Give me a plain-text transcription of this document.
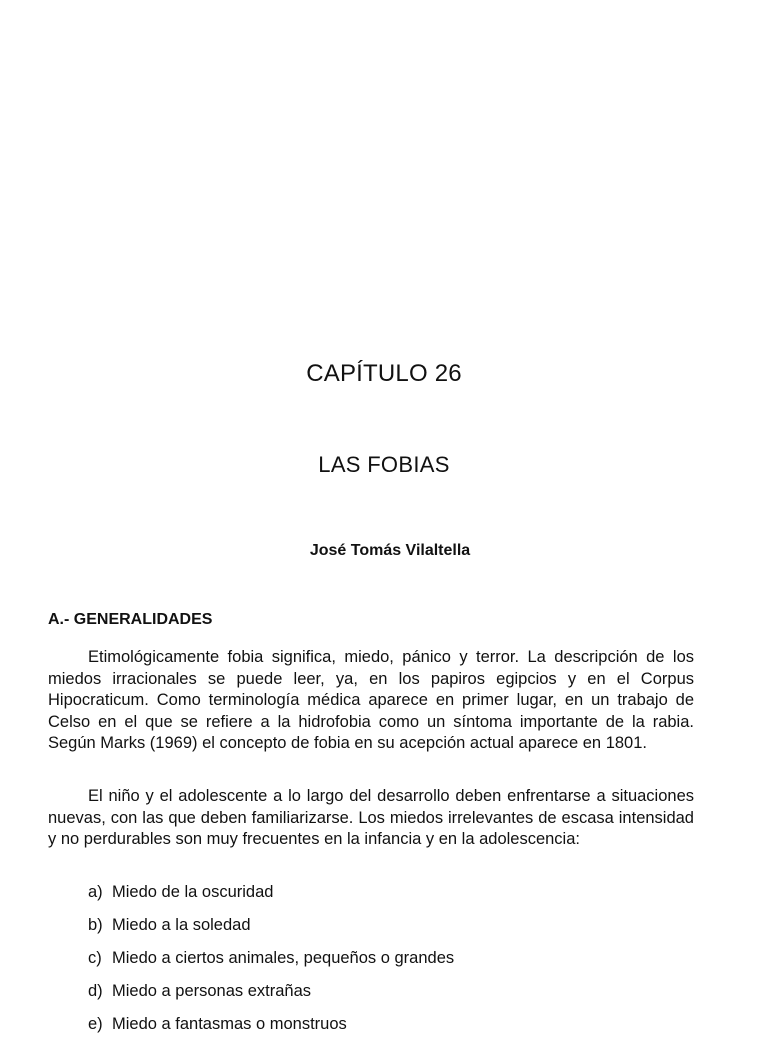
CAPÍTULO 26
LAS FOBIAS
José Tomás Vilaltella
A.- GENERALIDADES

Etimológicamente fobia significa, miedo, pánico y terror. La descripción de los miedos irracionales se puede leer, ya, en los papiros egipcios y en el Corpus Hipocraticum. Como terminología médica aparece en primer lugar, en un trabajo de Celso en el que se refiere a la hidrofobia como un síntoma importante de la rabia. Según Marks (1969) el concepto de fobia en su acepción actual aparece en 1801.

El niño y el adolescente a lo largo del desarrollo deben enfrentarse a situaciones nuevas, con las que deben familiarizarse. Los miedos irrelevantes de escasa intensidad y no perdurables son muy frecuentes en la infancia y en la adolescencia:

a) Miedo de la oscuridad
b) Miedo a la soledad
c) Miedo a ciertos animales, pequeños o grandes
d) Miedo a personas extrañas
e) Miedo a fantasmas o monstruos
